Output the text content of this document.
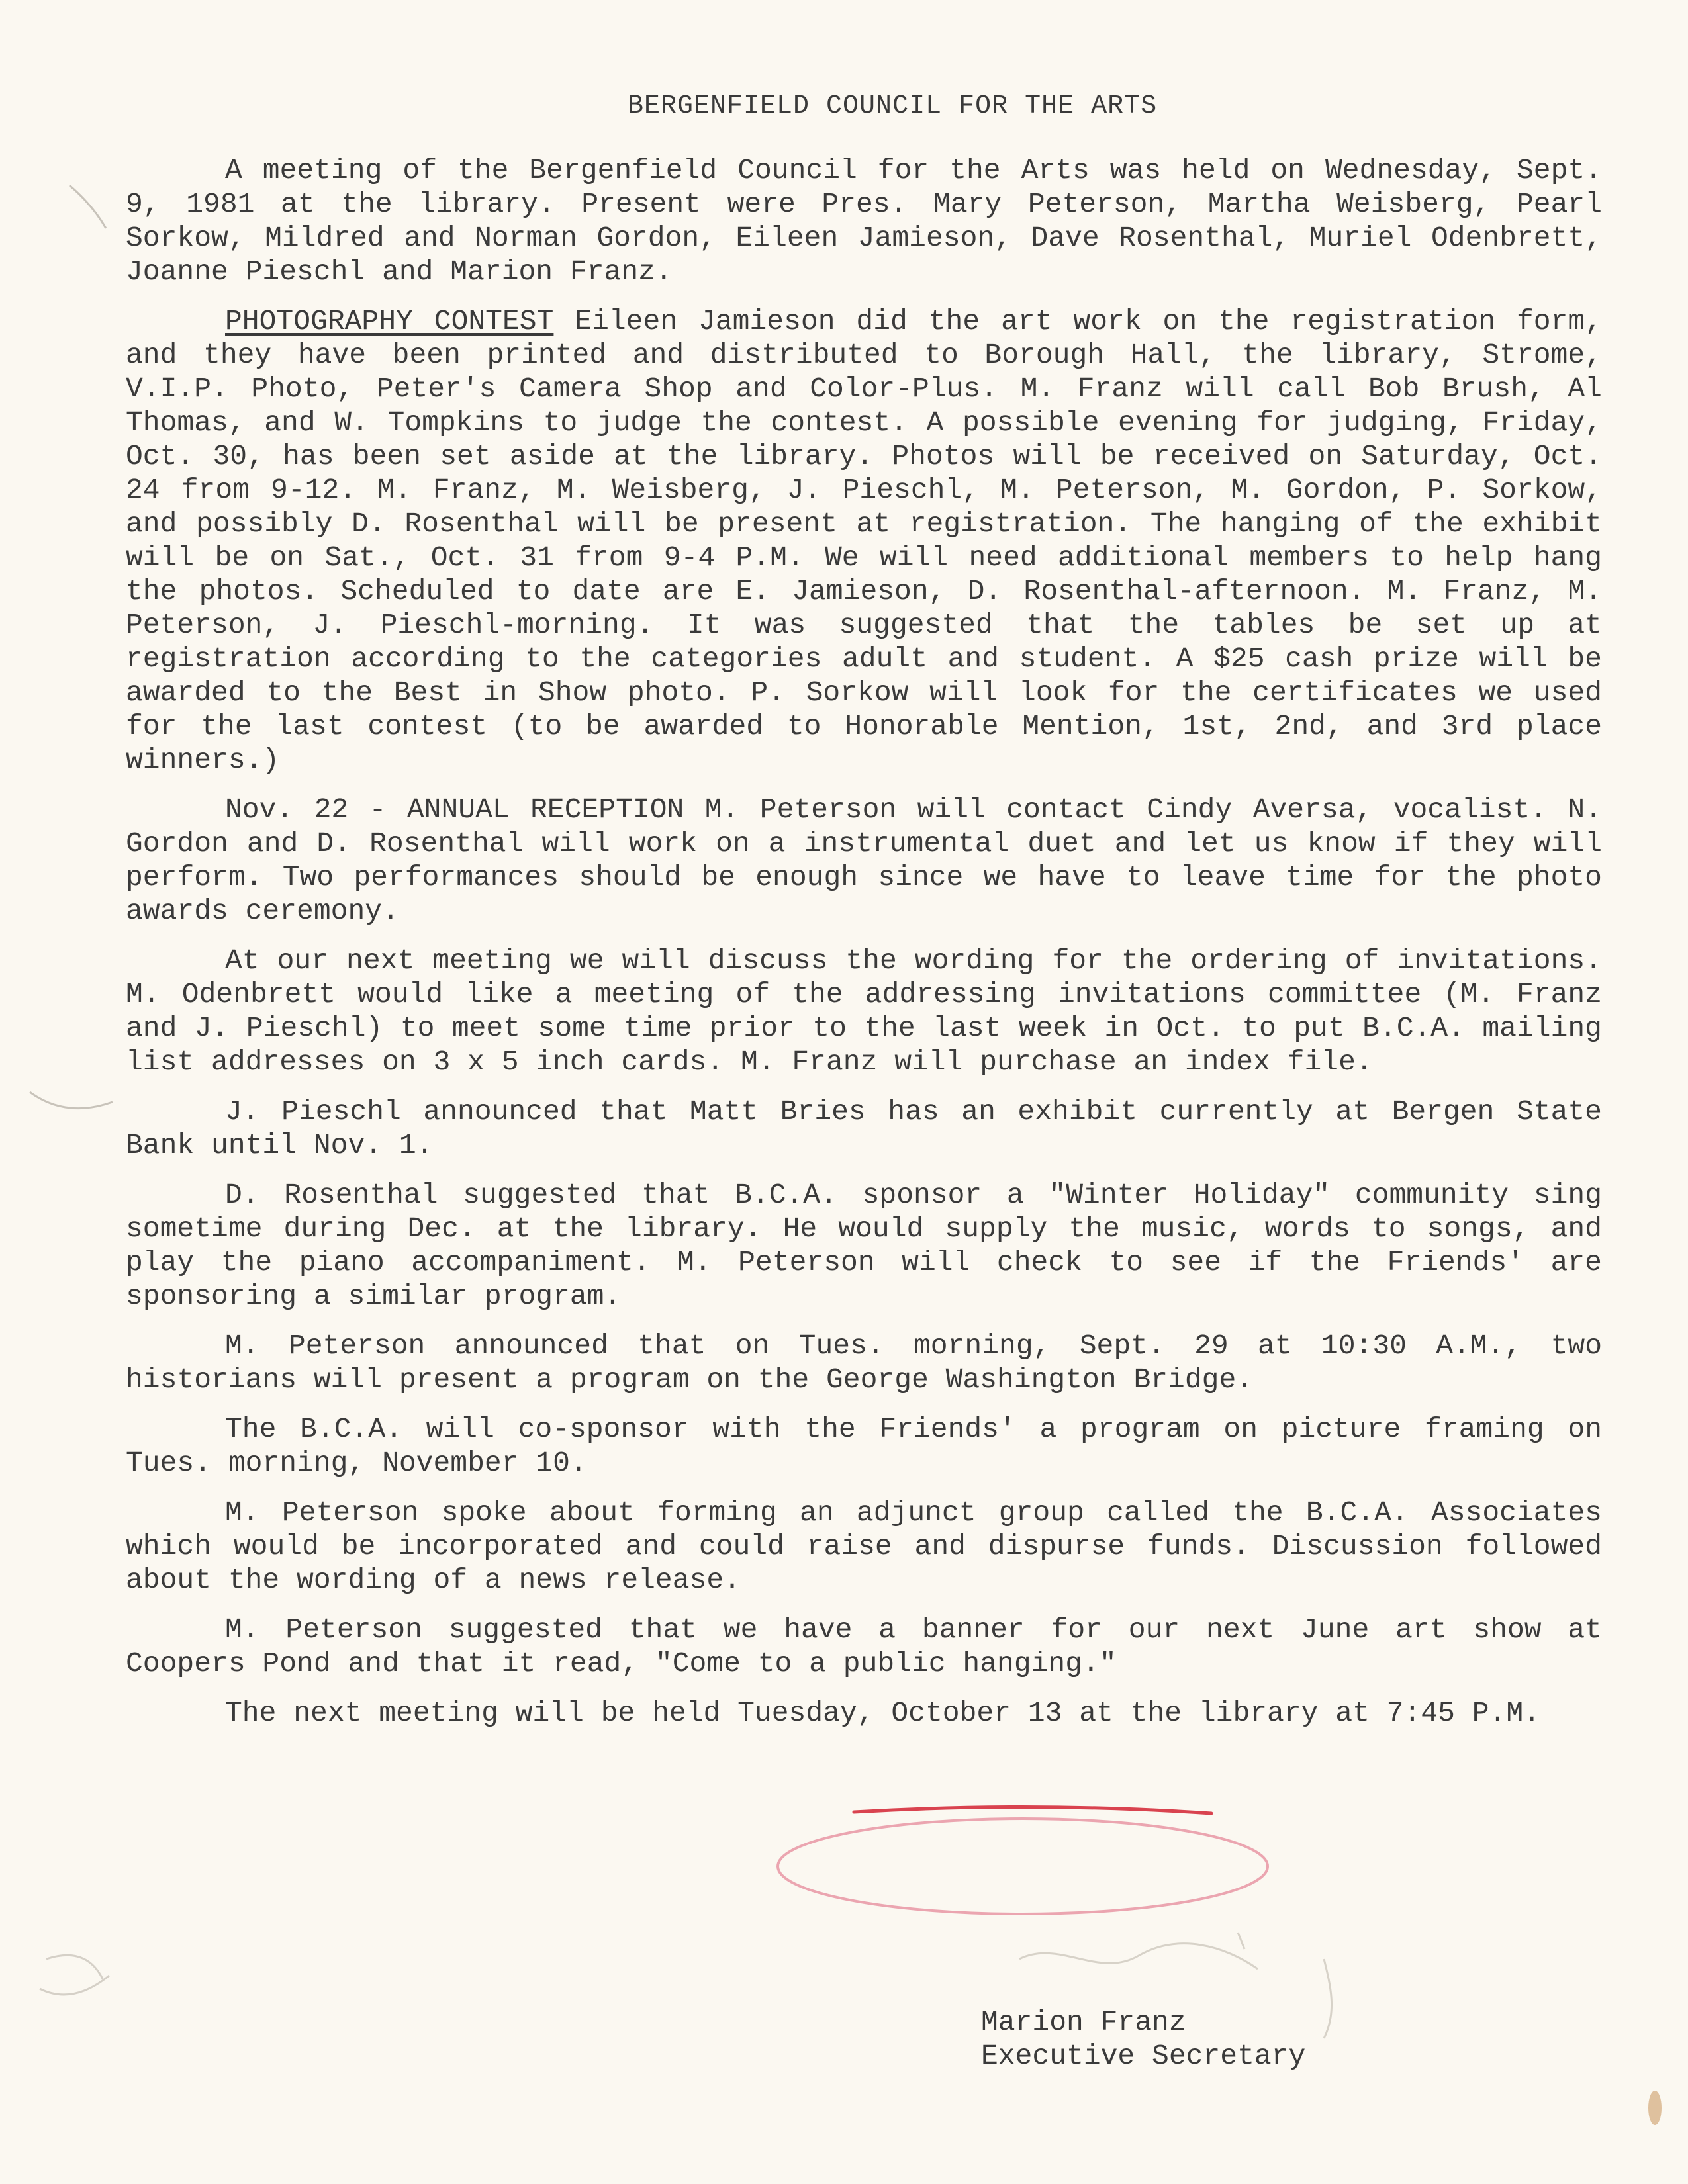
BERGENFIELD COUNCIL FOR THE ARTS

A meeting of the Bergenfield Council for the Arts was held on Wednesday, Sept. 9, 1981 at the library. Present were Pres. Mary Peterson, Martha Weisberg, Pearl Sorkow, Mildred and Norman Gordon, Eileen Jamieson, Dave Rosenthal, Muriel Odenbrett, Joanne Pieschl and Marion Franz.

PHOTOGRAPHY CONTEST Eileen Jamieson did the art work on the registration form, and they have been printed and distributed to Borough Hall, the library, Strome, V.I.P. Photo, Peter's Camera Shop and Color-Plus. M. Franz will call Bob Brush, Al Thomas, and W. Tompkins to judge the contest. A possible evening for judging, Friday, Oct. 30, has been set aside at the library. Photos will be received on Saturday, Oct. 24 from 9-12. M. Franz, M. Weisberg, J. Pieschl, M. Peterson, M. Gordon, P. Sorkow, and possibly D. Rosenthal will be present at registration. The hanging of the exhibit will be on Sat., Oct. 31 from 9-4 P.M. We will need additional members to help hang the photos. Scheduled to date are E. Jamieson, D. Rosenthal-afternoon. M. Franz, M. Peterson, J. Pieschl-morning. It was suggested that the tables be set up at registration according to the categories adult and student. A $25 cash prize will be awarded to the Best in Show photo. P. Sorkow will look for the certificates we used for the last contest (to be awarded to Honorable Mention, 1st, 2nd, and 3rd place winners.)

Nov. 22 - ANNUAL RECEPTION M. Peterson will contact Cindy Aversa, vocalist. N. Gordon and D. Rosenthal will work on a instrumental duet and let us know if they will perform. Two performances should be enough since we have to leave time for the photo awards ceremony.

At our next meeting we will discuss the wording for the ordering of invitations. M. Odenbrett would like a meeting of the addressing invitations committee (M. Franz and J. Pieschl) to meet some time prior to the last week in Oct. to put B.C.A. mailing list addresses on 3 x 5 inch cards. M. Franz will purchase an index file.

J. Pieschl announced that Matt Bries has an exhibit currently at Bergen State Bank until Nov. 1.

D. Rosenthal suggested that B.C.A. sponsor a "Winter Holiday" community sing sometime during Dec. at the library. He would supply the music, words to songs, and play the piano accompaniment. M. Peterson will check to see if the Friends' are sponsoring a similar program.

M. Peterson announced that on Tues. morning, Sept. 29 at 10:30 A.M., two historians will present a program on the George Washington Bridge.

The B.C.A. will co-sponsor with the Friends' a program on picture framing on Tues. morning, November 10.

M. Peterson spoke about forming an adjunct group called the B.C.A. Associates which would be incorporated and could raise and dispurse funds. Discussion followed about the wording of a news release.

M. Peterson suggested that we have a banner for our next June art show at Coopers Pond and that it read, "Come to a public hanging."

The next meeting will be held Tuesday, October 13 at the library at 7:45 P.M.

Marion Franz
Executive Secretary
